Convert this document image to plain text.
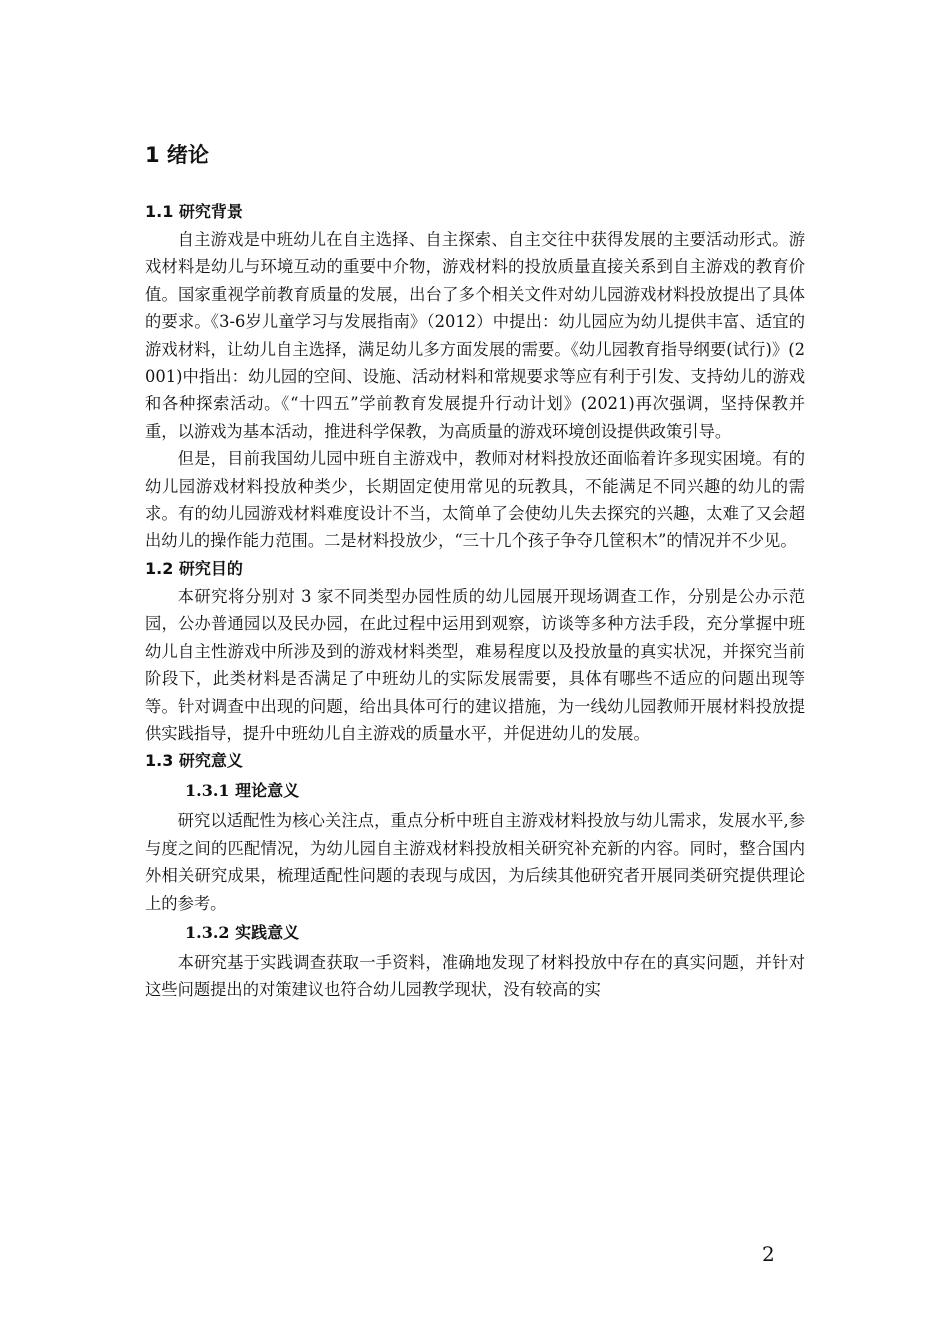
1 绪论
1.1 研究背景

自主游戏是中班幼儿在自主选择、自主探索、自主交往中获得发展的主要活动形式。游戏材料是幼儿与环境互动的重要中介物，游戏材料的投放质量直接关系到自主游戏的教育价值。国家重视学前教育质量的发展，出台了多个相关文件对幼儿园游戏材料投放提出了具体的要求。《3-6岁儿童学习与发展指南》（2012）中提出：幼儿园应为幼儿提供丰富、适宜的游戏材料，让幼儿自主选择，满足幼儿多方面发展的需要。《幼儿园教育指导纲要(试行)》(2001)中指出：幼儿园的空间、设施、活动材料和常规要求等应有利于引发、支持幼儿的游戏和各种探索活动。《“十四五”学前教育发展提升行动计划》(2021)再次强调，坚持保教并重，以游戏为基本活动，推进科学保教，为高质量的游戏环境创设提供政策引导。

但是，目前我国幼儿园中班自主游戏中，教师对材料投放还面临着许多现实困境。有的幼儿园游戏材料投放种类少，长期固定使用常见的玩教具，不能满足不同兴趣的幼儿的需求。有的幼儿园游戏材料难度设计不当，太简单了会使幼儿失去探究的兴趣，太难了又会超出幼儿的操作能力范围。二是材料投放少，“三十几个孩子争夺几筐积木”的情况并不少见。

1.2 研究目的

本研究将分别对 3 家不同类型办园性质的幼儿园展开现场调查工作，分别是公办示范园，公办普通园以及民办园，在此过程中运用到观察，访谈等多种方法手段，充分掌握中班幼儿自主性游戏中所涉及到的游戏材料类型，难易程度以及投放量的真实状况，并探究当前阶段下，此类材料是否满足了中班幼儿的实际发展需要，具体有哪些不适应的问题出现等等。针对调查中出现的问题，给出具体可行的建议措施，为一线幼儿园教师开展材料投放提供实践指导，提升中班幼儿自主游戏的质量水平，并促进幼儿的发展。

1.3 研究意义
1.3.1 理论意义

研究以适配性为核心关注点，重点分析中班自主游戏材料投放与幼儿需求，发展水平,参与度之间的匹配情况，为幼儿园自主游戏材料投放相关研究补充新的内容。同时，整合国内外相关研究成果，梳理适配性问题的表现与成因，为后续其他研究者开展同类研究提供理论上的参考。

1.3.2 实践意义

本研究基于实践调查获取一手资料，准确地发现了材料投放中存在的真实问题，并针对这些问题提出的对策建议也符合幼儿园教学现状，没有较高的实

2
